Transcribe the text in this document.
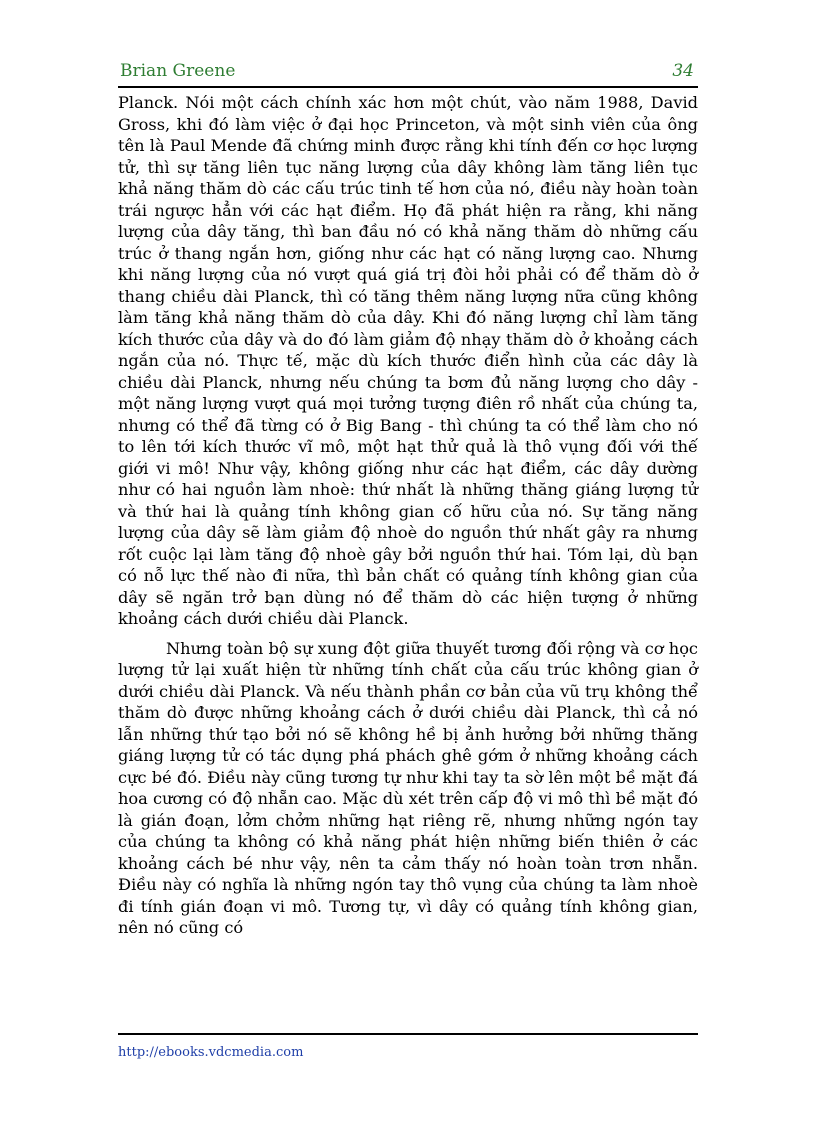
Brian Greene	34

Planck. Nói một cách chính xác hơn một chút, vào năm 1988, David Gross, khi đó làm việc ở đại học Princeton, và một sinh viên của ông tên là Paul Mende đã chứng minh được rằng khi tính đến cơ học lượng tử, thì sự tăng liên tục năng lượng của dây không làm tăng liên tục khả năng thăm dò các cấu trúc tinh tế hơn của nó, điều này hoàn toàn trái ngược hẳn với các hạt điểm. Họ đã phát hiện ra rằng, khi năng lượng của dây tăng, thì ban đầu nó có khả năng thăm dò những cấu trúc ở thang ngắn hơn, giống như các hạt có năng lượng cao. Nhưng khi năng lượng của nó vượt quá giá trị đòi hỏi phải có để thăm dò ở thang chiều dài Planck, thì có tăng thêm năng lượng nữa cũng không làm tăng khả năng thăm dò của dây. Khi đó năng lượng chỉ làm tăng kích thước của dây và do đó làm giảm độ nhạy thăm dò ở khoảng cách ngắn của nó. Thực tế, mặc dù kích thước điển hình của các dây là chiều dài Planck, nhưng nếu chúng ta bơm đủ năng lượng cho dây - một năng lượng vượt quá mọi tưởng tượng điên rồ nhất của chúng ta, nhưng có thể đã từng có ở Big Bang - thì chúng ta có thể làm cho nó to lên tới kích thước vĩ mô, một hạt thử quả là thô vụng đối với thế giới vi mô! Như vậy, không giống như các hạt điểm, các dây dường như có hai nguồn làm nhoè: thứ nhất là những thăng giáng lượng tử và thứ hai là quảng tính không gian cố hữu của nó. Sự tăng năng lượng của dây sẽ làm giảm độ nhoè do nguồn thứ nhất gây ra nhưng rốt cuộc lại làm tăng độ nhoè gây bởi nguồn thứ hai. Tóm lại, dù bạn có nỗ lực thế nào đi nữa, thì bản chất có quảng tính không gian của dây sẽ ngăn trở bạn dùng nó để thăm dò các hiện tượng ở những khoảng cách dưới chiều dài Planck.

Nhưng toàn bộ sự xung đột giữa thuyết tương đối rộng và cơ học lượng tử lại xuất hiện từ những tính chất của cấu trúc không gian ở dưới chiều dài Planck. Và nếu thành phần cơ bản của vũ trụ không thể thăm dò được những khoảng cách ở dưới chiều dài Planck, thì cả nó lẫn những thứ tạo bởi nó sẽ không hề bị ảnh hưởng bởi những thăng giáng lượng tử có tác dụng phá phách ghê gớm ở những khoảng cách cực bé đó. Điều này cũng tương tự như khi tay ta sờ lên một bề mặt đá hoa cương có độ nhẵn cao. Mặc dù xét trên cấp độ vi mô thì bề mặt đó là gián đoạn, lởm chởm những hạt riêng rẽ, nhưng những ngón tay của chúng ta không có khả năng phát hiện những biến thiên ở các khoảng cách bé như vậy, nên ta cảm thấy nó hoàn toàn trơn nhẵn. Điều này có nghĩa là những ngón tay thô vụng của chúng ta làm nhoè đi tính gián đoạn vi mô. Tương tự, vì dây có quảng tính không gian, nên nó cũng có

http://ebooks.vdcmedia.com
